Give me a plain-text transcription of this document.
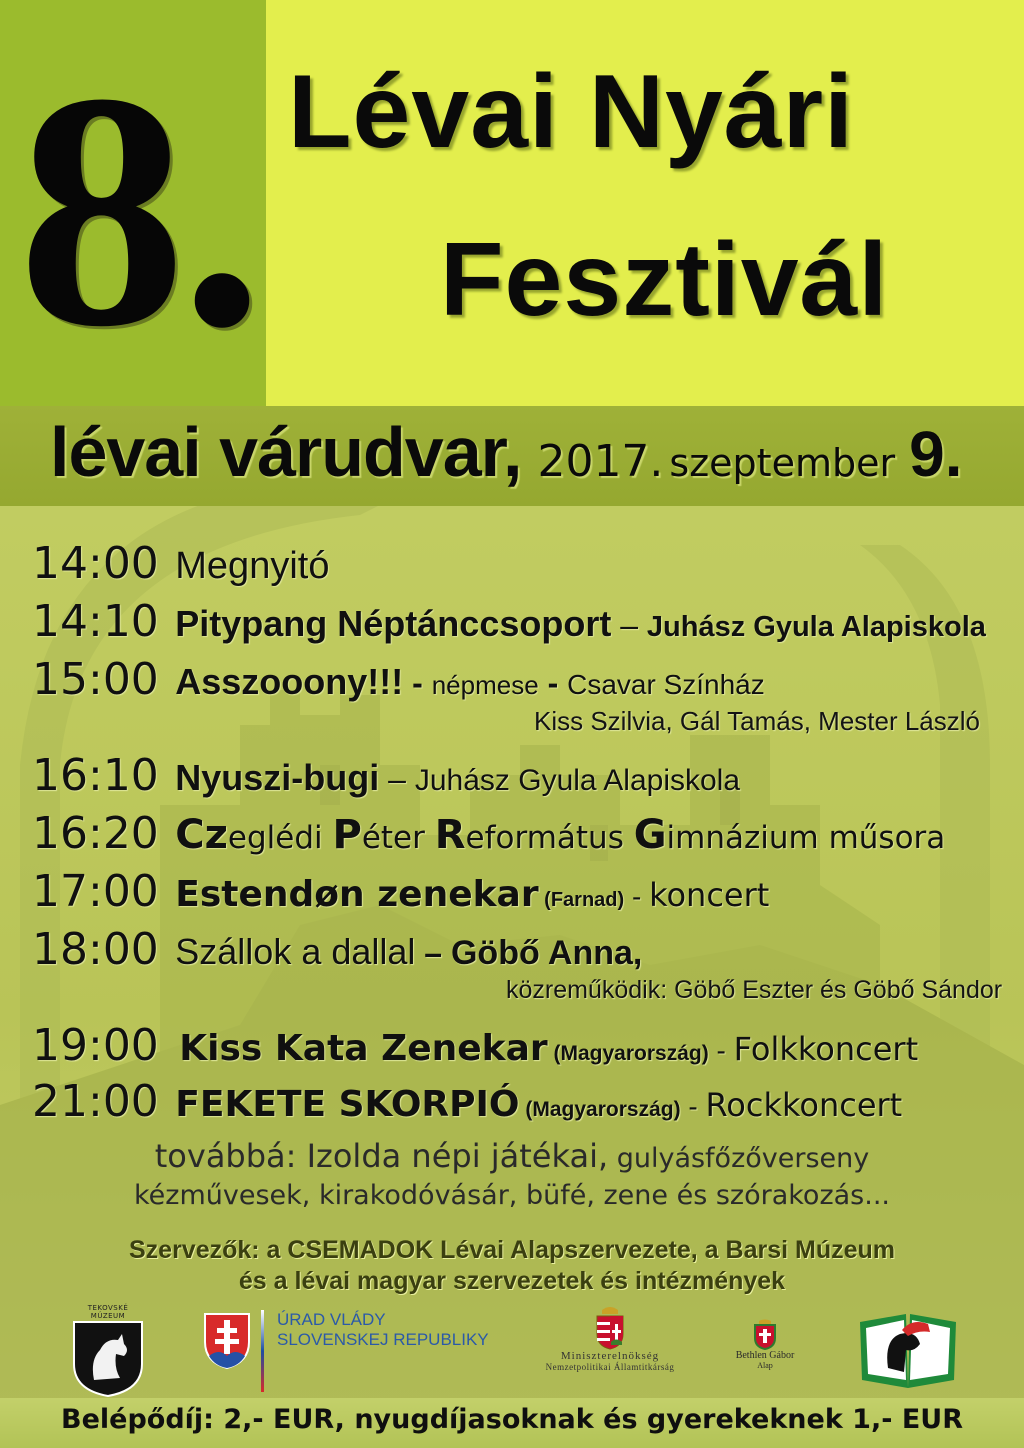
8. Lévai Nyári
Fesztivál
lévai várudvar, 2017. szeptember 9.
14:00 Megnyitó
14:10 Pitypang Néptánccsoport – Juhász Gyula Alapiskola
15:00 Asszooony!!! - népmese - Csavar Színház
Kiss Szilvia, Gál Tamás, Mester László
16:10 Nyuszi-bugi – Juhász Gyula Alapiskola
16:20 Czeglédi Péter Református Gimnázium műsora
17:00 Estendøn zenekar (Farnad) - koncert
18:00 Szállok a dallal – Göbő Anna,
közreműködik: Göbő Eszter és Göbő Sándor
19:00 Kiss Kata Zenekar (Magyarország) - Folkkoncert
21:00 FEKETE SKORPIÓ (Magyarország) - Rockkoncert
továbbá: Izolda népi játékai, gulyásfőzőverseny
kézművesek, kirakodóvásár, büfé, zene és szórakozás...
Szervezők: a CSEMADOK Lévai Alapszervezete, a Barsi Múzeum
és a lévai magyar szervezetek és intézmények
TEKOVSKÉ MÚZEUM	ÚRAD VLÁDY
SLOVENSKEJ REPUBLIKY
Miniszterelnökség
Nemzetpolitikai Államtitkárság
Bethlen Gábor
Alap
Belépődíj: 2,- EUR, nyugdíjasoknak és gyerekeknek 1,- EUR
